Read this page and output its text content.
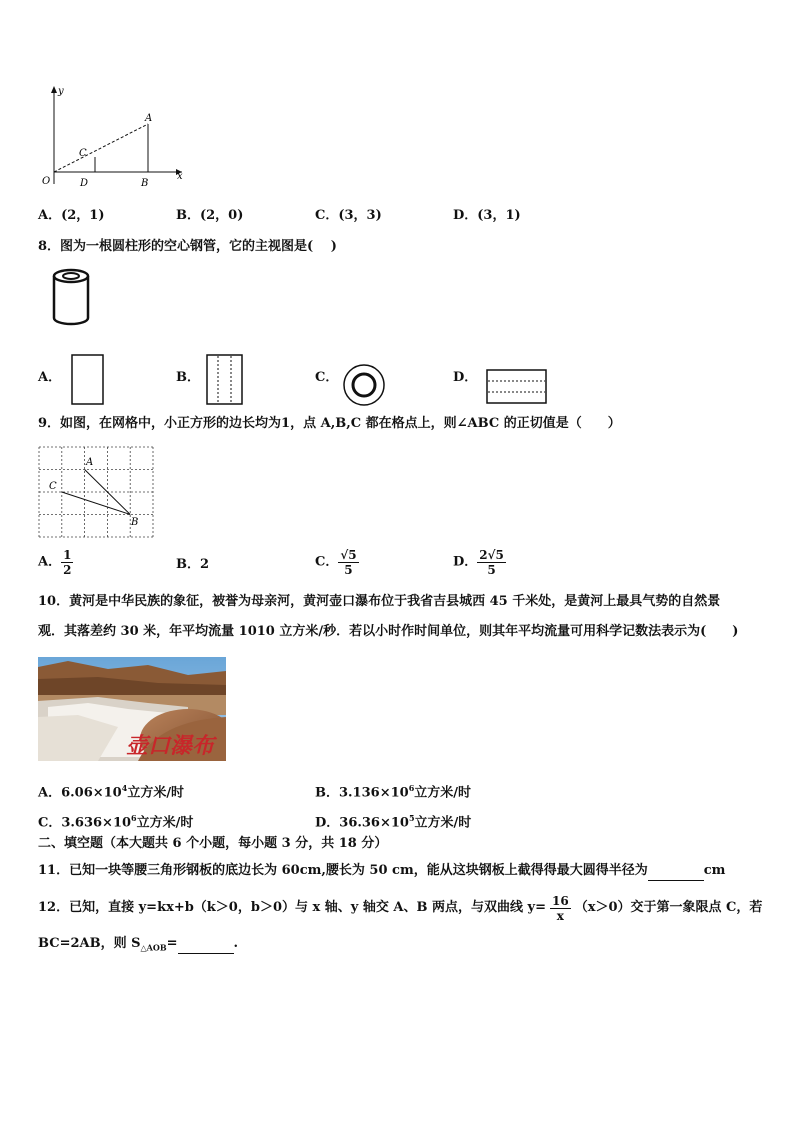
y
x
A
C
O	D	B
A．(2，1)	B．(2，0)	C．(3，3)	D．(3，1)
8．图为一根圆柱形的空心钢管，它的主视图是(　 )
A．	B．	C．	D．
9．如图，在网格中，小正方形的边长均为1，点 A,B,C 都在格点上，则∠ABC 的正切值是（　　）
A
C
B
A． $\frac{1}{2}$	B．2	C． $\frac{√5}{5}$	D． $\frac{2√5}{5}$
10．黄河是中华民族的象征，被誉为母亲河，黄河壶口瀑布位于我省吉县城西 45 千米处，是黄河上最具气势的自然景
观．其落差约 30 米，年平均流量 1010 立方米/秒．若以小时作时间单位，则其年平均流量可用科学记数法表示为(　　)
壶口瀑布
A．$6.06\times 10^4$立方米/时	B．$3.136\times 10^6$立方米/时
C．$3.636\times 10^6$立方米/时	D．$36.36\times 10^5$立方米/时
二、填空题（本大题共 6 个小题，每小题 3 分，共 18 分）
11．已知一块等腰三角形钢板的底边长为 60cm,腰长为 50 cm，能从这块钢板上截得得最大圆得半径为	cm
12．已知，直接 y=kx+b（k＞0，b＞0）与 x 轴、y 轴交 A、B 两点，与双曲线 $y= \frac{16}{x} (x>0)$交于第一象限点 C，若
BC=2AB，则 $S_{\triangle AOB}=$	.
